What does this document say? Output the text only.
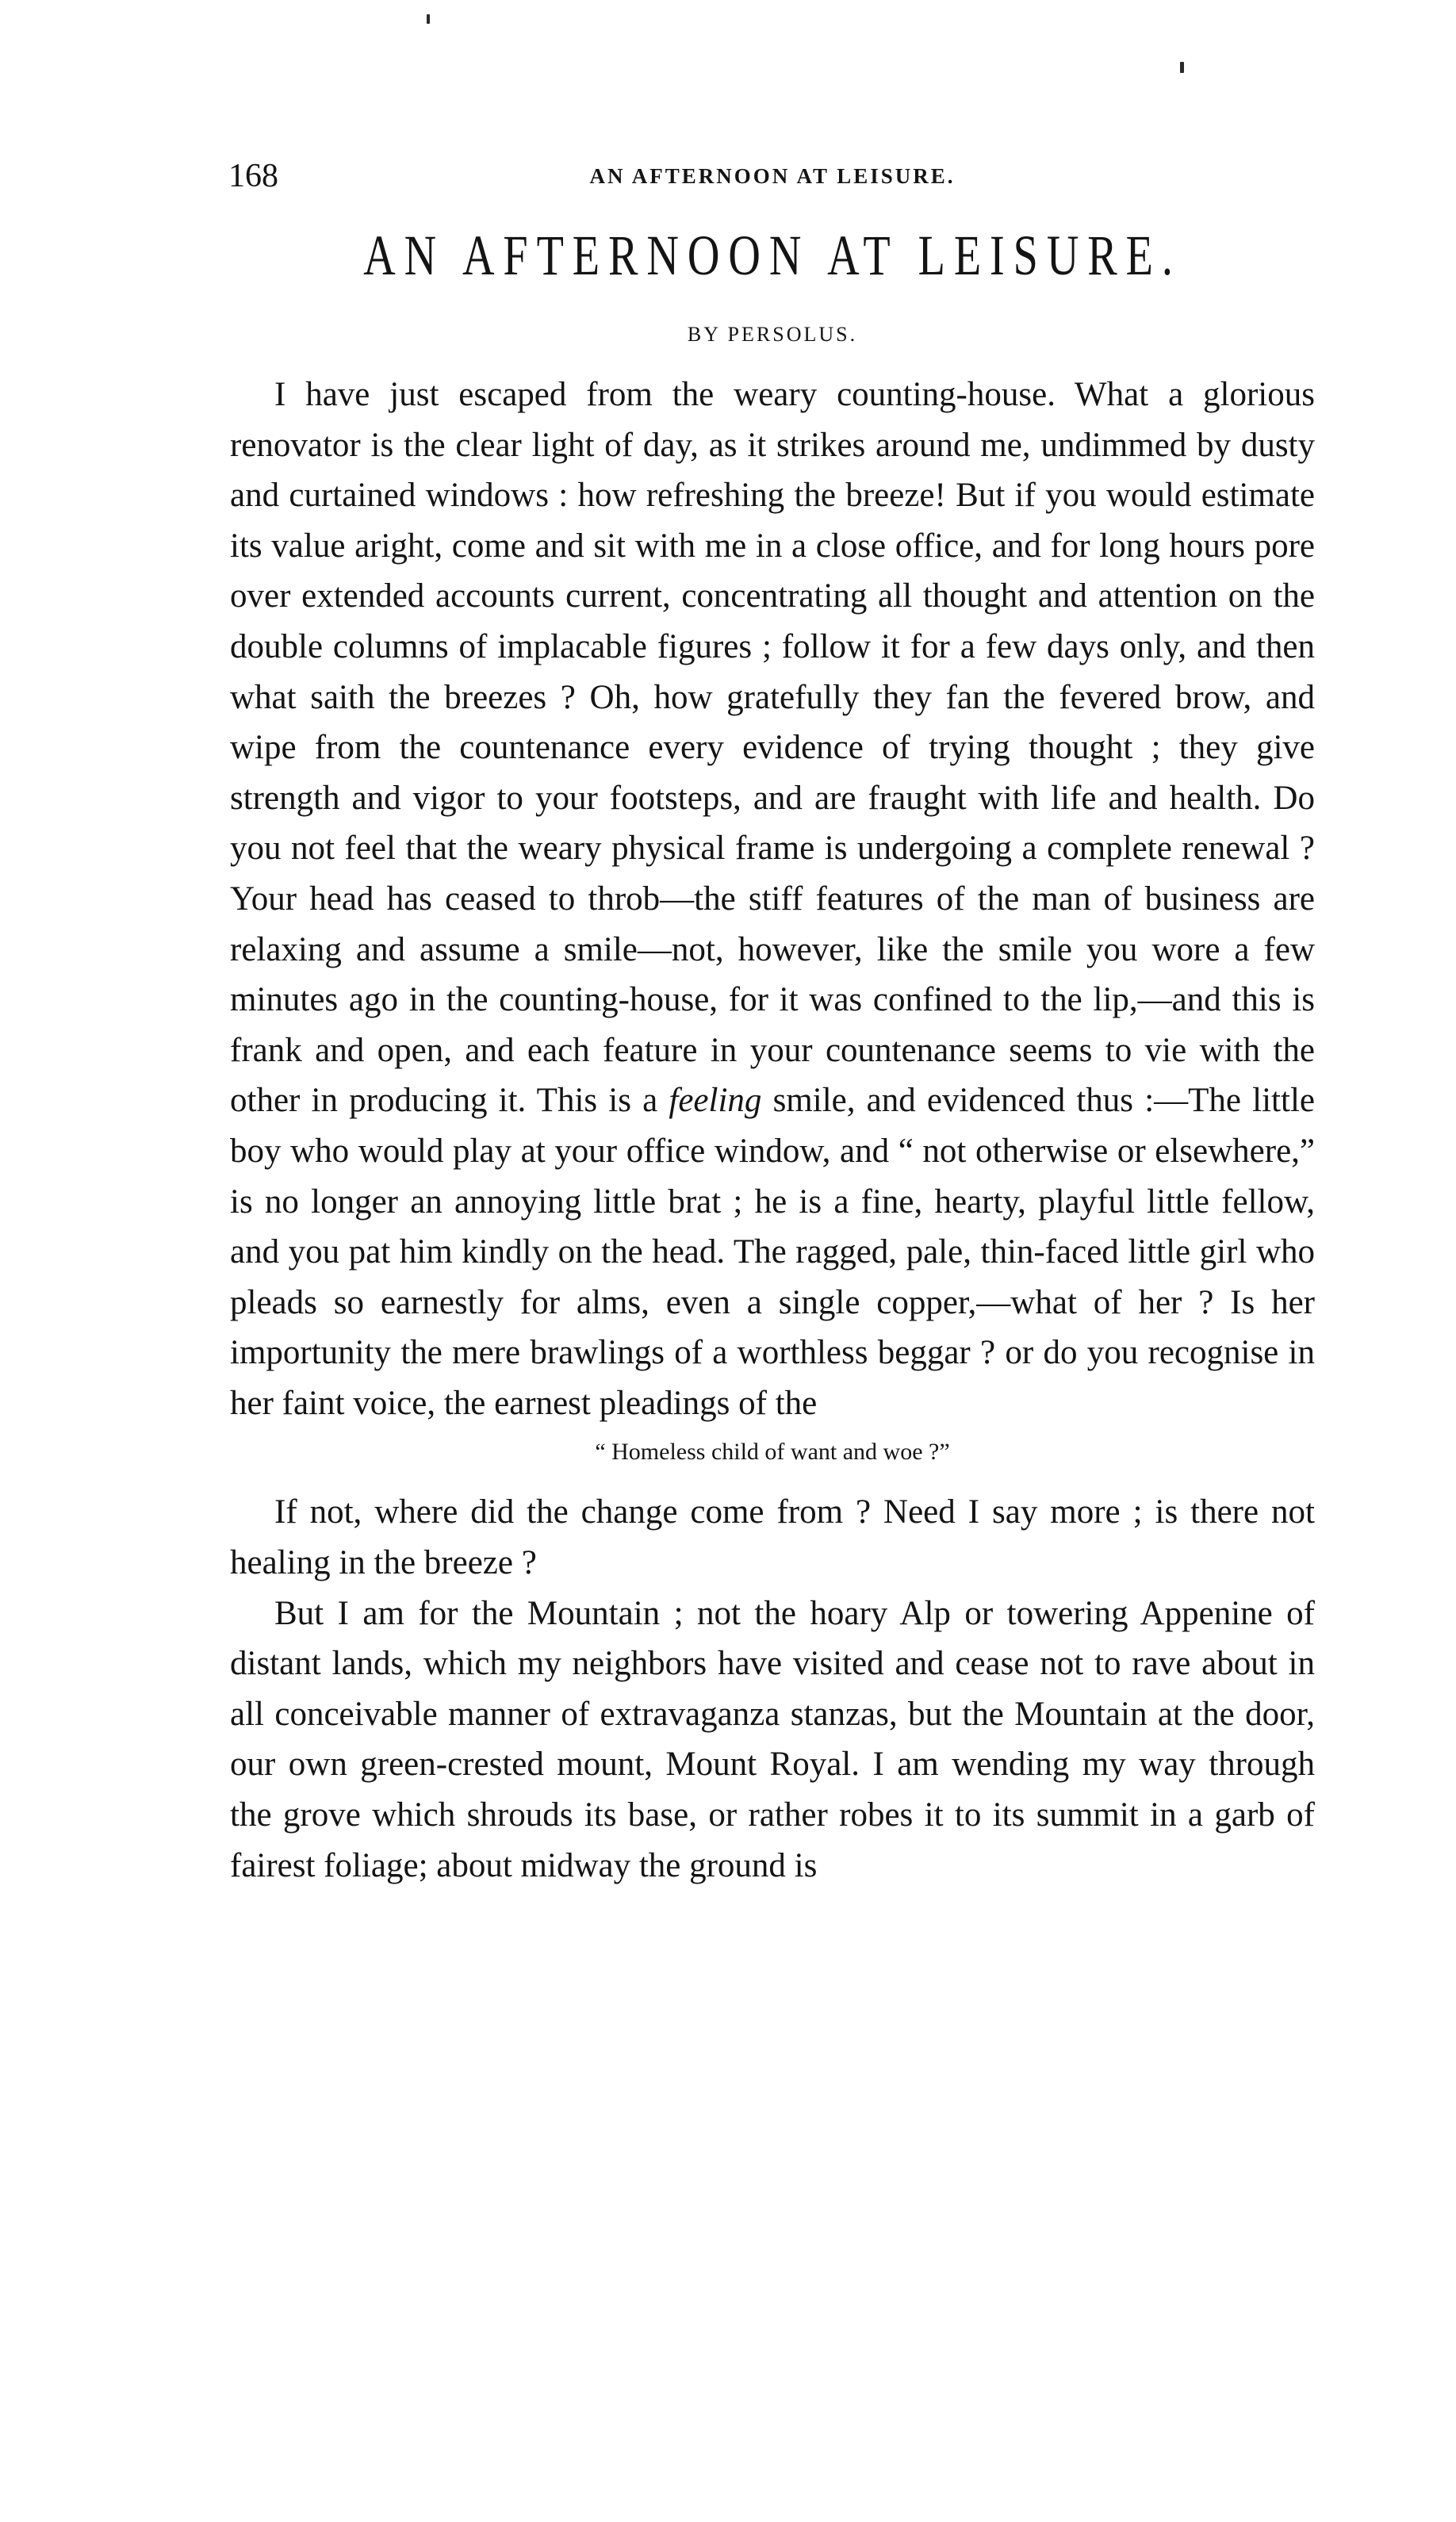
168	AN AFTERNOON AT LEISURE.
AN AFTERNOON AT LEISURE.
BY PERSOLUS.

I have just escaped from the weary counting-house. What a glorious renovator is the clear light of day, as it strikes around me, undimmed by dusty and curtained windows : how refreshing the breeze! But if you would estimate its value aright, come and sit with me in a close office, and for long hours pore over extended accounts current, concentrating all thought and attention on the double columns of implacable figures ; follow it for a few days only, and then what saith the breezes ? Oh, how gratefully they fan the fevered brow, and wipe from the countenance every evidence of trying thought ; they give strength and vigor to your footsteps, and are fraught with life and health. Do you not feel that the weary physical frame is undergoing a complete renewal ? Your head has ceased to throb—the stiff features of the man of business are relaxing and assume a smile—not, however, like the smile you wore a few minutes ago in the counting-house, for it was confined to the lip,—and this is frank and open, and each feature in your countenance seems to vie with the other in producing it. This is a feeling smile, and evidenced thus :—The little boy who would play at your office window, and “ not otherwise or elsewhere,” is no longer an annoying little brat ; he is a fine, hearty, playful little fellow, and you pat him kindly on the head. The ragged, pale, thin-faced little girl who pleads so earnestly for alms, even a single copper,—what of her ? Is her importunity the mere brawlings of a worthless beggar ? or do you recognise in her faint voice, the earnest pleadings of the

“ Homeless child of want and woe ?”

If not, where did the change come from ? Need I say more ; is there not healing in the breeze ?

But I am for the Mountain ; not the hoary Alp or towering Appenine of distant lands, which my neighbors have visited and cease not to rave about in all conceivable manner of extravaganza stanzas, but the Mountain at the door, our own green-crested mount, Mount Royal. I am wending my way through the grove which shrouds its base, or rather robes it to its summit in a garb of fairest foliage; about midway the ground is
